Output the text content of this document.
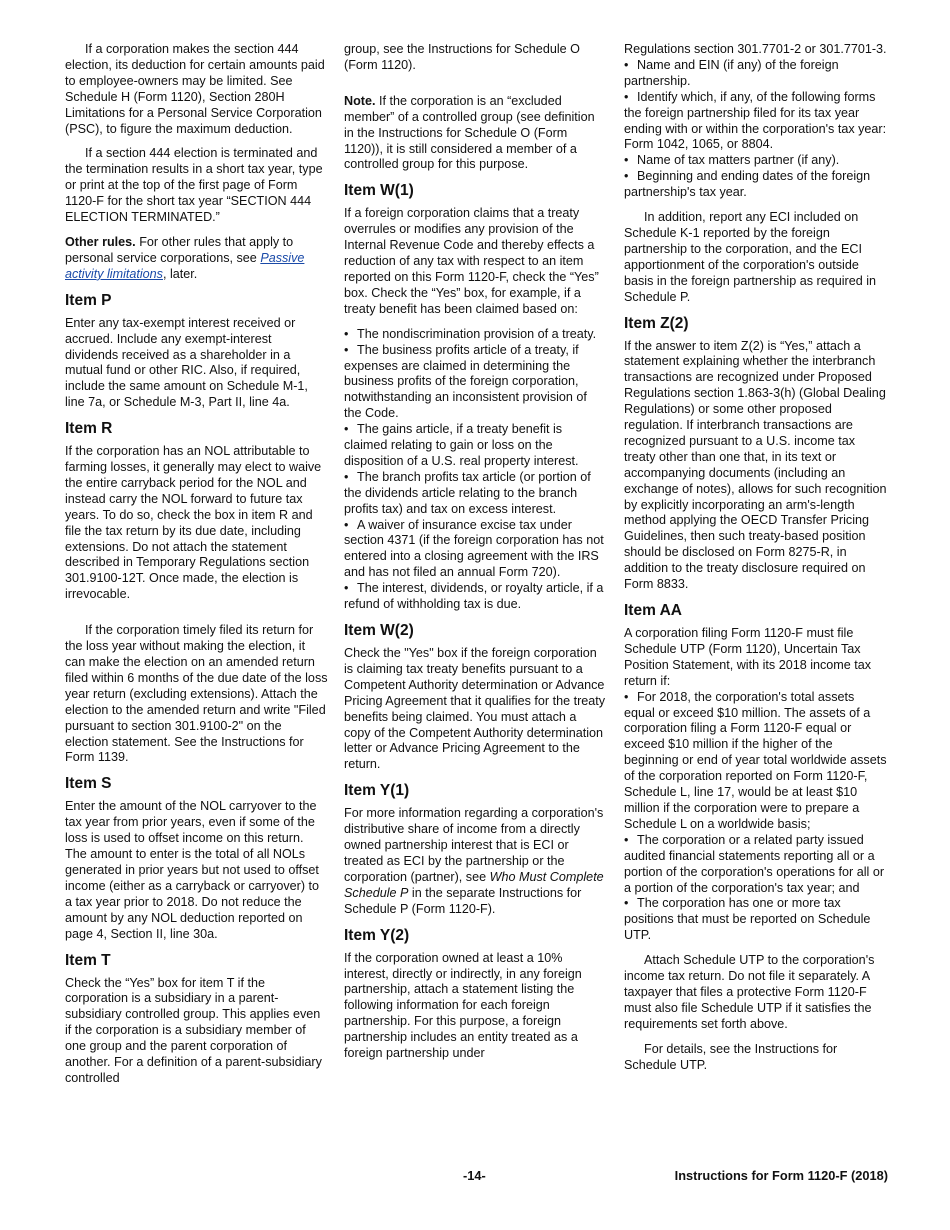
If a corporation makes the section 444 election, its deduction for certain amounts paid to employee-owners may be limited. See Schedule H (Form 1120), Section 280H Limitations for a Personal Service Corporation (PSC), to figure the maximum deduction.

If a section 444 election is terminated and the termination results in a short tax year, type or print at the top of the first page of Form 1120-F for the short tax year “SECTION 444 ELECTION TERMINATED.”

Other rules. For other rules that apply to personal service corporations, see Passive activity limitations, later.

Item P

Enter any tax-exempt interest received or accrued. Include any exempt-interest dividends received as a shareholder in a mutual fund or other RIC. Also, if required, include the same amount on Schedule M-1, line 7a, or Schedule M-3, Part II, line 4a.

Item R

If the corporation has an NOL attributable to farming losses, it generally may elect to waive the entire carryback period for the NOL and instead carry the NOL forward to future tax years. To do so, check the box in item R and file the tax return by its due date, including extensions. Do not attach the statement described in Temporary Regulations section 301.9100-12T. Once made, the election is irrevocable.

If the corporation timely filed its return for the loss year without making the election, it can make the election on an amended return filed within 6 months of the due date of the loss year return (excluding extensions). Attach the election to the amended return and write "Filed pursuant to section 301.9100-2" on the election statement. See the Instructions for Form 1139.

Item S

Enter the amount of the NOL carryover to the tax year from prior years, even if some of the loss is used to offset income on this return. The amount to enter is the total of all NOLs generated in prior years but not used to offset income (either as a carryback or carryover) to a tax year prior to 2018. Do not reduce the amount by any NOL deduction reported on page 4, Section II, line 30a.

Item T

Check the “Yes” box for item T if the corporation is a subsidiary in a parent-subsidiary controlled group. This applies even if the corporation is a subsidiary member of one group and the parent corporation of another. For a definition of a parent-subsidiary controlled

group, see the Instructions for Schedule O (Form 1120).

Note. If the corporation is an “excluded member” of a controlled group (see definition in the Instructions for Schedule O (Form 1120)), it is still considered a member of a controlled group for this purpose.

Item W(1)

If a foreign corporation claims that a treaty overrules or modifies any provision of the Internal Revenue Code and thereby effects a reduction of any tax with respect to an item reported on this Form 1120-F, check the “Yes” box. Check the “Yes” box, for example, if a treaty benefit has been claimed based on:

• The nondiscrimination provision of a treaty.

• The business profits article of a treaty, if expenses are claimed in determining the business profits of the foreign corporation, notwithstanding an inconsistent provision of the Code.

• The gains article, if a treaty benefit is claimed relating to gain or loss on the disposition of a U.S. real property interest.

• The branch profits tax article (or portion of the dividends article relating to the branch profits tax) and tax on excess interest.

• A waiver of insurance excise tax under section 4371 (if the foreign corporation has not entered into a closing agreement with the IRS and has not filed an annual Form 720).

• The interest, dividends, or royalty article, if a refund of withholding tax is due.

Item W(2)

Check the "Yes" box if the foreign corporation is claiming tax treaty benefits pursuant to a Competent Authority determination or Advance Pricing Agreement that it qualifies for the treaty benefits being claimed. You must attach a copy of the Competent Authority determination letter or Advance Pricing Agreement to the return.

Item Y(1)

For more information regarding a corporation's distributive share of income from a directly owned partnership interest that is ECI or treated as ECI by the partnership or the corporation (partner), see Who Must Complete Schedule P in the separate Instructions for Schedule P (Form 1120-F).

Item Y(2)

If the corporation owned at least a 10% interest, directly or indirectly, in any foreign partnership, attach a statement listing the following information for each foreign partnership. For this purpose, a foreign partnership includes an entity treated as a foreign partnership under

Regulations section 301.7701-2 or 301.7701-3.

• Name and EIN (if any) of the foreign partnership.

• Identify which, if any, of the following forms the foreign partnership filed for its tax year ending with or within the corporation's tax year: Form 1042, 1065, or 8804.

• Name of tax matters partner (if any).

• Beginning and ending dates of the foreign partnership's tax year.

In addition, report any ECI included on Schedule K-1 reported by the foreign partnership to the corporation, and the ECI apportionment of the corporation's outside basis in the foreign partnership as required in Schedule P.

Item Z(2)

If the answer to item Z(2) is “Yes,” attach a statement explaining whether the interbranch transactions are recognized under Proposed Regulations section 1.863-3(h) (Global Dealing Regulations) or some other proposed regulation. If interbranch transactions are recognized pursuant to a U.S. income tax treaty other than one that, in its text or accompanying documents (including an exchange of notes), allows for such recognition by explicitly incorporating an arm's-length method applying the OECD Transfer Pricing Guidelines, then such treaty-based position should be disclosed on Form 8275-R, in addition to the treaty disclosure required on Form 8833.

Item AA

A corporation filing Form 1120-F must file Schedule UTP (Form 1120), Uncertain Tax Position Statement, with its 2018 income tax return if:

• For 2018, the corporation's total assets equal or exceed $10 million. The assets of a corporation filing a Form 1120-F equal or exceed $10 million if the higher of the beginning or end of year total worldwide assets of the corporation reported on Form 1120-F, Schedule L, line 17, would be at least $10 million if the corporation were to prepare a Schedule L on a worldwide basis;

• The corporation or a related party issued audited financial statements reporting all or a portion of the corporation's operations for all or a portion of the corporation's tax year; and

• The corporation has one or more tax positions that must be reported on Schedule UTP.

Attach Schedule UTP to the corporation's income tax return. Do not file it separately. A taxpayer that files a protective Form 1120-F must also file Schedule UTP if it satisfies the requirements set forth above.

For details, see the Instructions for Schedule UTP.

-14-	Instructions for Form 1120-F (2018)
